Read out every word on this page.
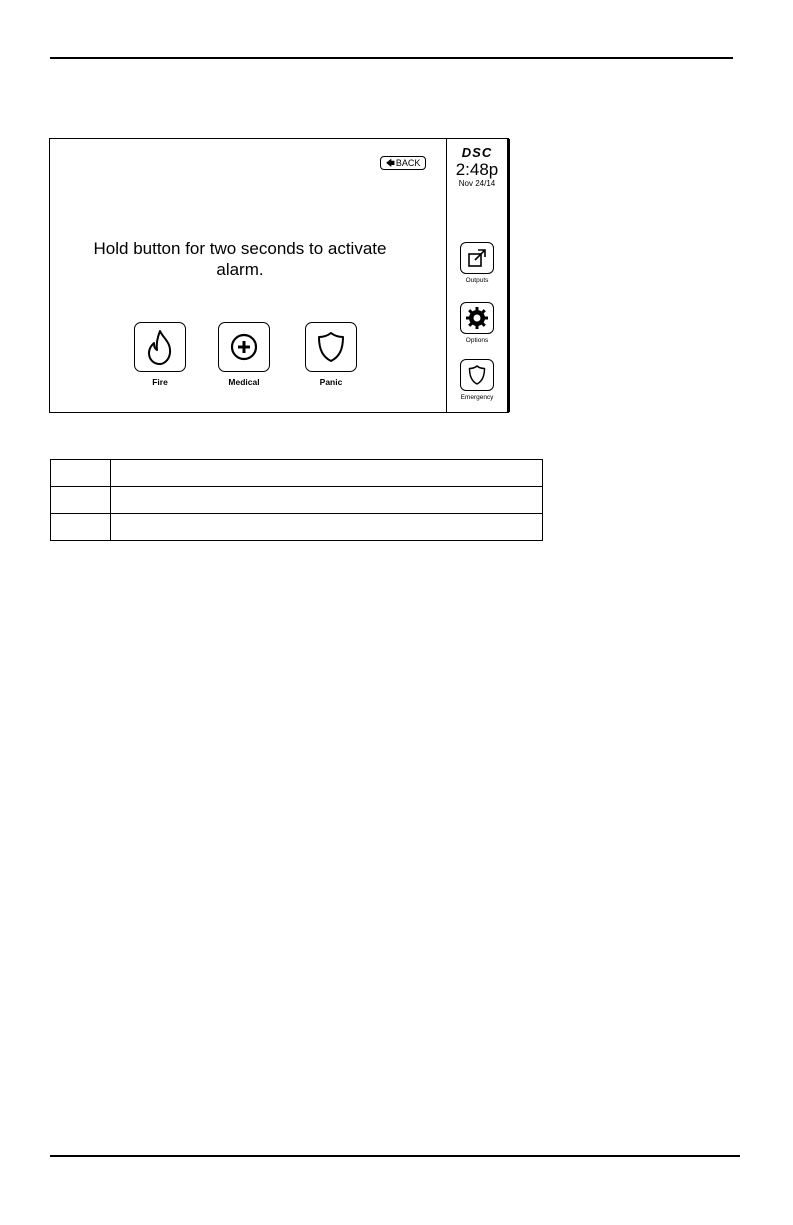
🡄BACK
Hold button for two seconds to activate alarm.
Fire	Medical	Panic
DSC
2:48p
Nov 24/14
Outputs
Options
Emergency
